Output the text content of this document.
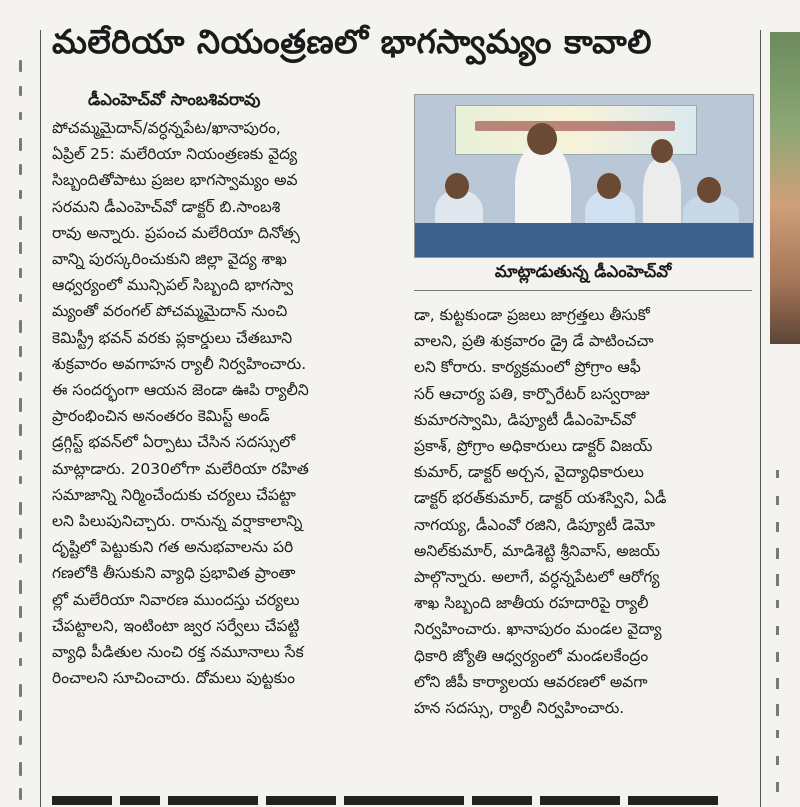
మలేరియా నియంత్రణలో భాగస్వామ్యం కావాలి
డీఎంహెచ్‌వో సాంబశివరావు
పోచమ్మమైదాన్/వర్ధన్నపేట/ఖానాపురం,
ఏప్రిల్ 25: మలేరియా నియంత్రణకు వైద్య
సిబ్బందితోపాటు ప్రజల భాగస్వామ్యం అవ
సరమని డీఎంహెచ్‌వో డాక్టర్ బి.సాంబశి
రావు అన్నారు. ప్రపంచ మలేరియా దినోత్స
వాన్ని పురస్కరించుకుని జిల్లా వైద్య శాఖ
ఆధ్వర్యంలో మున్సిపల్ సిబ్బంది భాగస్వా
మ్యంతో వరంగల్ పోచమ్మమైదాన్ నుంచి
కెమిస్ట్రీ భవన్ వరకు ప్లకార్డులు చేతబూని
శుక్రవారం అవగాహన ర్యాలీ నిర్వహించారు.
ఈ సందర్భంగా ఆయన జెండా ఊపి ర్యాలీని
ప్రారంభించిన అనంతరం కెమిస్ట్ అండ్
డ్రగ్గిస్ట్ భవన్‌లో ఏర్పాటు చేసిన సదస్సులో
మాట్లాడారు. 2030లోగా మలేరియా రహిత
సమాజాన్ని నిర్మించేందుకు చర్యలు చేపట్టా
లని పిలుపునిచ్చారు. రానున్న వర్షాకాలాన్ని
దృష్టిలో పెట్టుకుని గత అనుభవాలను పరి
గణలోకి తీసుకుని వ్యాధి ప్రభావిత ప్రాంతా
ల్లో మలేరియా నివారణ ముందస్తు చర్యలు
చేపట్టాలని, ఇంటింటా జ్వర సర్వేలు చేపట్టి
వ్యాధి పీడితుల నుంచి రక్త నమూనాలు సేక
రించాలని సూచించారు. దోమలు పుట్టకుం
మాట్లాడుతున్న డీఎంహెచ్‌వో
డా, కుట్టకుండా ప్రజలు జాగ్రత్తలు తీసుకో
వాలని, ప్రతి శుక్రవారం డ్రై డే పాటించచా
లని కోరారు. కార్యక్రమంలో ప్రోగ్రాం ఆఫీ
సర్ ఆచార్య పతి, కార్పొరేటర్ బస్వరాజు
కుమారస్వామి, డిప్యూటీ డీఎంహెచ్‌వో
ప్రకాశ్, ప్రోగ్రాం అధికారులు డాక్టర్ విజయ్
కుమార్, డాక్టర్ అర్చన, వైద్యాధికారులు
డాక్టర్ భరత్‌కుమార్, డాక్టర్ యశస్విని, ఏడీ
నాగయ్య, డీఎంవో రజిని, డిప్యూటీ డెమో
అనిల్‌కుమార్, మాడిశెట్టి శ్రీనివాస్, అజయ్
పాల్గొన్నారు. అలాగే, వర్ధన్నపేటలో ఆరోగ్య
శాఖ సిబ్బంది జాతీయ రహదారిపై ర్యాలీ
నిర్వహించారు. ఖానాపురం మండల వైద్యా
ధికారి జ్యోతి ఆధ్వర్యంలో మండలకేంద్రం
లోని జీపీ కార్యాలయ ఆవరణలో అవగా
హన సదస్సు, ర్యాలీ నిర్వహించారు.
